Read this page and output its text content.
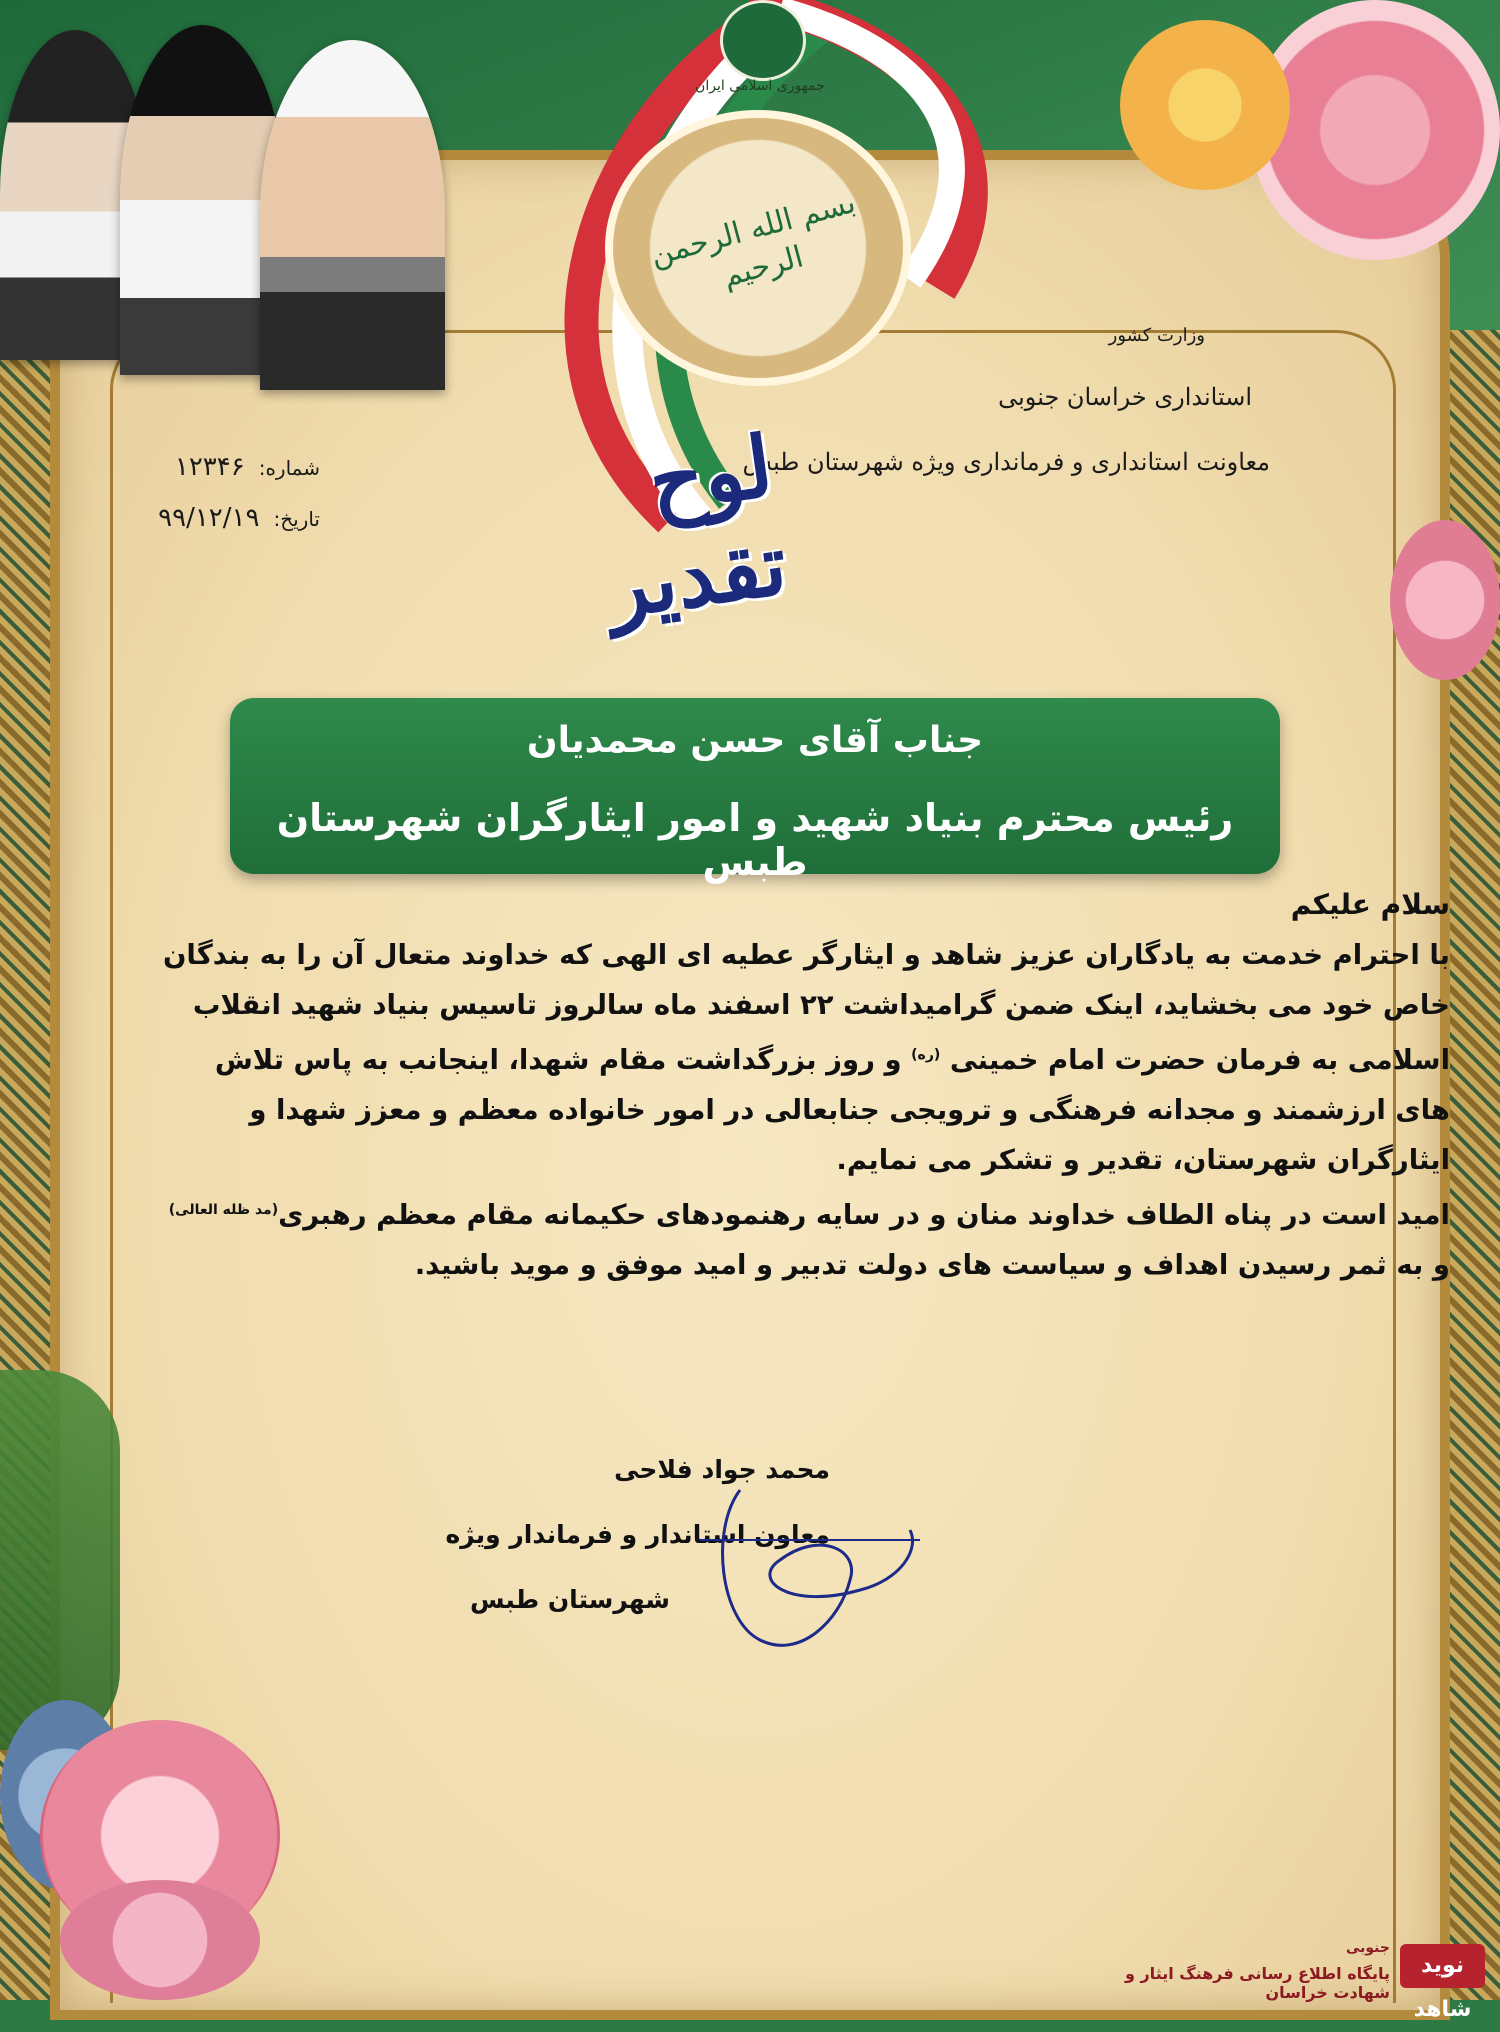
جمهوری اسلامی ایران
بسم الله الرحمن الرحیم
وزارت کشور
استانداری خراسان جنوبی
معاونت استانداری و فرمانداری ویژه شهرستان طبس
شماره:۱۲۳۴۶
تاریخ:۹۹/۱۲/۱۹	لوح تقدیر
جناب آقای حسن محمدیان
رئیس محترم بنیاد شهید و امور ایثارگران شهرستان طبس
سلام علیکم
با احترام خدمت به یادگاران عزیز شاهد و ایثارگر عطیه ای الهی که خداوند متعال آن را به بندگان خاص خود می بخشاید، اینک ضمن گرامیداشت ۲۲ اسفند ماه سالروز تاسیس بنیاد شهید انقلاب اسلامی به فرمان حضرت امام خمینی $^{(ره)}$ و روز بزرگداشت مقام شهدا، اینجانب به پاس تلاش های ارزشمند و مجدانه فرهنگی و ترویجی جنابعالی در امور خانواده معظم و معزز شهدا و ایثارگران شهرستان، تقدیر و تشکر می نمایم.
امید است در پناه الطاف خداوند منان و در سایه رهنمودهای حکیمانه مقام معظم رهبری$^{(مد ظله العالی)}$ و به ثمر رسیدن اهداف و سیاست های دولت تدبیر و امید موفق و موید باشید.
محمد جواد فلاحی
معاون استاندار و فرماندار ویژه
شهرستان طبس
نوید شاهد
جنوبی
پایگاه اطلاع رسانی فرهنگ ایثار و شهادت خراسان
